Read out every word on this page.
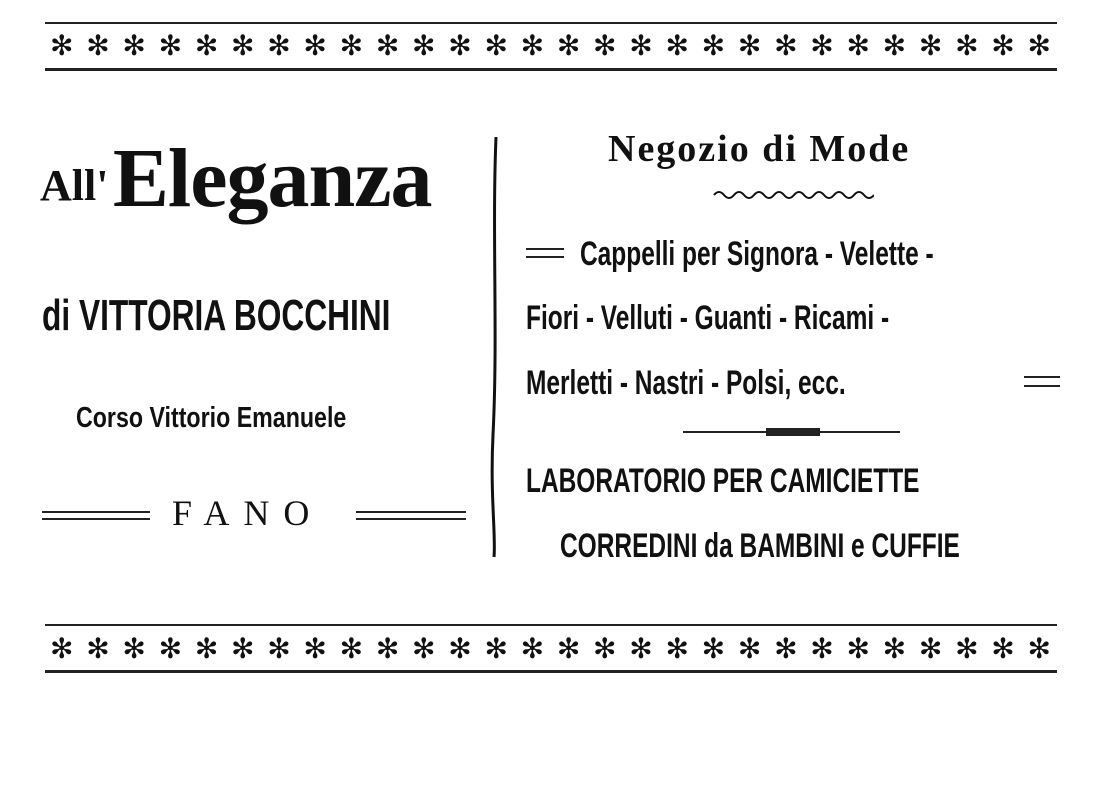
✻ ✻ ✻ ✻ ✻ ✻ ✻ ✻ ✻ ✻ ✻ ✻ ✻ ✻ ✻ ✻ ✻ ✻ ✻ ✻ ✻ ✻ ✻ ✻ ✻ ✻ ✻ ✻
All' Eleganza
di VITTORIA BOCCHINI
Corso Vittorio Emanuele
FANO
Negozio di Mode
Cappelli per Signora - Velette -
Fiori - Velluti - Guanti - Ricami -
Merletti - Nastri - Polsi, ecc.
LABORATORIO PER CAMICIETTE
CORREDINI da BAMBINI e CUFFIE
✻ ✻ ✻ ✻ ✻ ✻ ✻ ✻ ✻ ✻ ✻ ✻ ✻ ✻ ✻ ✻ ✻ ✻ ✻ ✻ ✻ ✻ ✻ ✻ ✻ ✻ ✻ ✻
